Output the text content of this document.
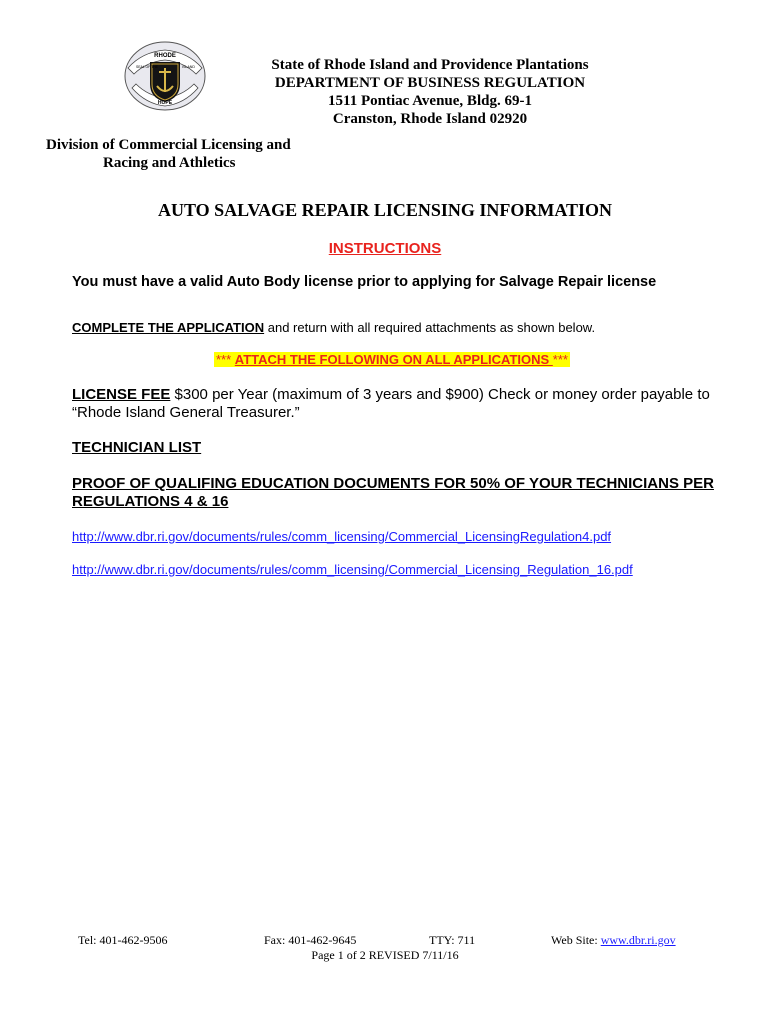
RHODE
SEAL OF THE	ISLAND
HOPE
State of Rhode Island and Providence Plantations
DEPARTMENT OF BUSINESS REGULATION
1511 Pontiac Avenue, Bldg. 69-1
Cranston, Rhode Island 02920
Division of Commercial Licensing and
Racing and Athletics
AUTO SALVAGE REPAIR LICENSING INFORMATION
INSTRUCTIONS
You must have a valid Auto Body license prior to applying for Salvage Repair license
COMPLETE THE APPLICATION and return with all required attachments as shown below.
*** ATTACH THE FOLLOWING ON ALL APPLICATIONS ***
LICENSE FEE $300 per Year (maximum of 3 years and $900) Check or money order payable to “Rhode Island General Treasurer.”
TECHNICIAN LIST
PROOF OF QUALIFING EDUCATION DOCUMENTS FOR 50% OF YOUR TECHNICIANS PER REGULATIONS 4 & 16
http://www.dbr.ri.gov/documents/rules/comm_licensing/Commercial_LicensingRegulation4.pdf
http://www.dbr.ri.gov/documents/rules/comm_licensing/Commercial_Licensing_Regulation_16.pdf
Tel: 401-462-9506	Fax: 401-462-9645	TTY: 711	Web Site: www.dbr.ri.gov
Page 1 of 2 REVISED 7/11/16
